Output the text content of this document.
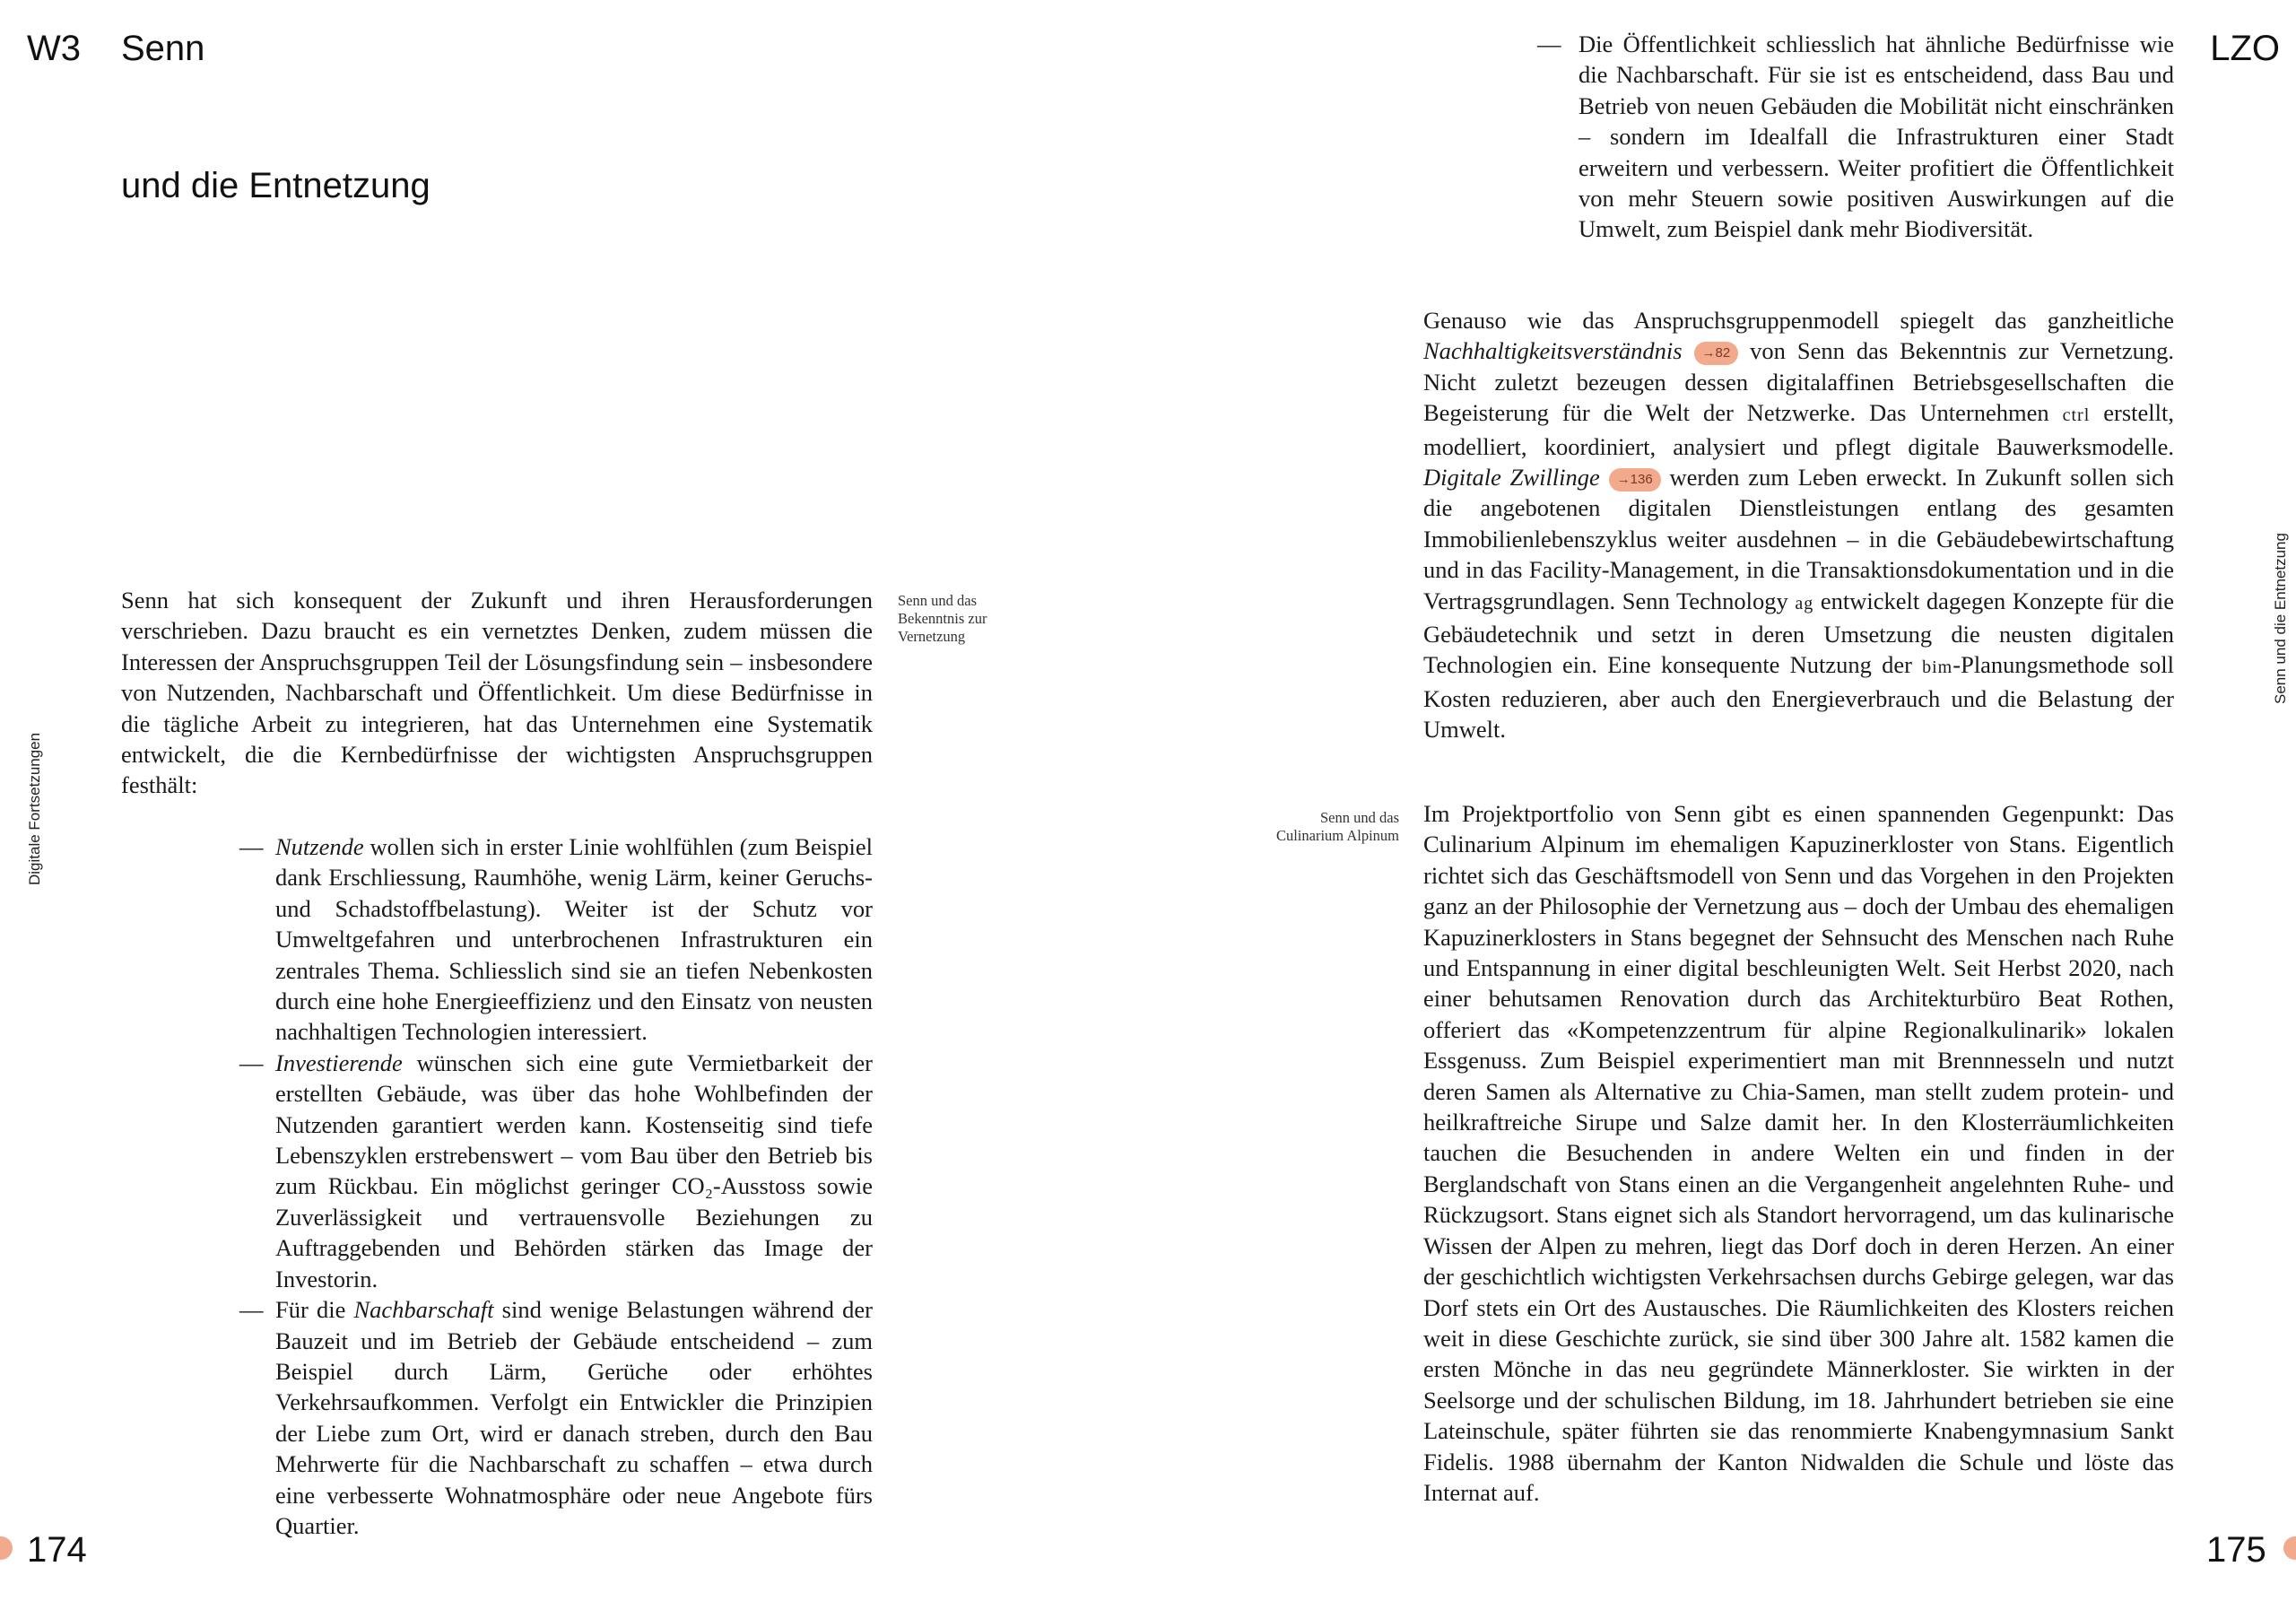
W3 Senn	LZO
und die Entnetzung
Digitale Fortsetzungen

Senn hat sich konsequent der Zukunft und ihren Herausforderungen verschrieben. Dazu braucht es ein vernetztes Denken, zudem müssen die Interessen der Anspruchsgruppen Teil der Lösungsfindung sein – insbesondere von Nutzenden, Nachbarschaft und Öffentlichkeit. Um diese Bedürfnisse in die tägliche Arbeit zu integrieren, hat das Unternehmen eine Systematik entwickelt, die die Kernbedürfnisse der wichtigsten Anspruchsgruppen festhält:

Senn und das Bekenntnis zur Vernetzung
— Nutzende wollen sich in erster Linie wohlfühlen (zum Beispiel dank Erschliessung, Raumhöhe, wenig Lärm, keiner Geruchs- und Schadstoffbelastung). Weiter ist der Schutz vor Umweltgefahren und unterbrochenen Infrastrukturen ein zentrales Thema. Schliesslich sind sie an tiefen Nebenkosten durch eine hohe Energieeffizienz und den Einsatz von neusten nachhaltigen Technologien interessiert.
— Investierende wünschen sich eine gute Vermietbarkeit der erstellten Gebäude, was über das hohe Wohlbefinden der Nutzenden garantiert werden kann. Kostenseitig sind tiefe Lebenszyklen erstrebenswert – vom Bau über den Betrieb bis zum Rückbau. Ein möglichst geringer CO₂-Ausstoss sowie Zuverlässigkeit und vertrauensvolle Beziehungen zu Auftraggebenden und Behörden stärken das Image der Investorin.
— Für die Nachbarschaft sind wenige Belastungen während der Bauzeit und im Betrieb der Gebäude entscheidend – zum Beispiel durch Lärm, Gerüche oder erhöhtes Verkehrsaufkommen. Verfolgt ein Entwickler die Prinzipien der Liebe zum Ort, wird er danach streben, durch den Bau Mehrwerte für die Nachbarschaft zu schaffen – etwa durch eine verbesserte Wohnatmosphäre oder neue Angebote fürs Quartier.
174
— Die Öffentlichkeit schliesslich hat ähnliche Bedürfnisse wie die Nachbarschaft. Für sie ist es entscheidend, dass Bau und Betrieb von neuen Gebäuden die Mobilität nicht einschränken – sondern im Idealfall die Infrastrukturen einer Stadt erweitern und verbessern. Weiter profitiert die Öffentlichkeit von mehr Steuern sowie positiven Auswirkungen auf die Umwelt, zum Beispiel dank mehr Biodiversität.

Genauso wie das Anspruchsgruppenmodell spiegelt das ganzheitliche Nachhaltigkeitsverständnis →82 von Senn das Bekenntnis zur Vernetzung. Nicht zuletzt bezeugen dessen digitalaffinen Betriebsgesellschaften die Begeisterung für die Welt der Netzwerke. Das Unternehmen ctrl erstellt, modelliert, koordiniert, analysiert und pflegt digitale Bauwerksmodelle. Digitale Zwillinge →136 werden zum Leben erweckt. In Zukunft sollen sich die angebotenen digitalen Dienstleistungen entlang des gesamten Immobilienlebenszyklus weiter ausdehnen – in die Gebäudebewirtschaftung und in das Facility-Management, in die Transaktionsdokumentation und in die Vertragsgrundlagen. Senn Technology ag entwickelt dagegen Konzepte für die Gebäudetechnik und setzt in deren Umsetzung die neusten digitalen Technologien ein. Eine konsequente Nutzung der bim-Planungsmethode soll Kosten reduzieren, aber auch den Energieverbrauch und die Belastung der Umwelt.

Senn und das Culinarium Alpinum

Im Projektportfolio von Senn gibt es einen spannenden Gegenpunkt: Das Culinarium Alpinum im ehemaligen Kapuzinerkloster von Stans. Eigentlich richtet sich das Geschäftsmodell von Senn und das Vorgehen in den Projekten ganz an der Philosophie der Vernetzung aus – doch der Umbau des ehemaligen Kapuzinerklosters in Stans begegnet der Sehnsucht des Menschen nach Ruhe und Entspannung in einer digital beschleunigten Welt. Seit Herbst 2020, nach einer behutsamen Renovation durch das Architekturbüro Beat Rothen, offeriert das «Kompetenzzentrum für alpine Regionalkulinarik» lokalen Essgenuss. Zum Beispiel experimentiert man mit Brennnesseln und nutzt deren Samen als Alternative zu Chia-Samen, man stellt zudem protein- und heilkraftreiche Sirupe und Salze damit her. In den Klosterräumlichkeiten tauchen die Besuchenden in andere Welten ein und finden in der Berglandschaft von Stans einen an die Vergangenheit angelehnten Ruhe- und Rückzugsort. Stans eignet sich als Standort hervorragend, um das kulinarische Wissen der Alpen zu mehren, liegt das Dorf doch in deren Herzen. An einer der geschichtlich wichtigsten Verkehrsachsen durchs Gebirge gelegen, war das Dorf stets ein Ort des Austausches. Die Räumlichkeiten des Klosters reichen weit in diese Geschichte zurück, sie sind über 300 Jahre alt. 1582 kamen die ersten Mönche in das neu gegründete Männerkloster. Sie wirkten in der Seelsorge und der schulischen Bildung, im 18. Jahrhundert betrieben sie eine Lateinschule, später führten sie das renommierte Knabengymnasium Sankt Fidelis. 1988 übernahm der Kanton Nidwalden die Schule und löste das Internat auf.

Senn und die Entnetzung
175
